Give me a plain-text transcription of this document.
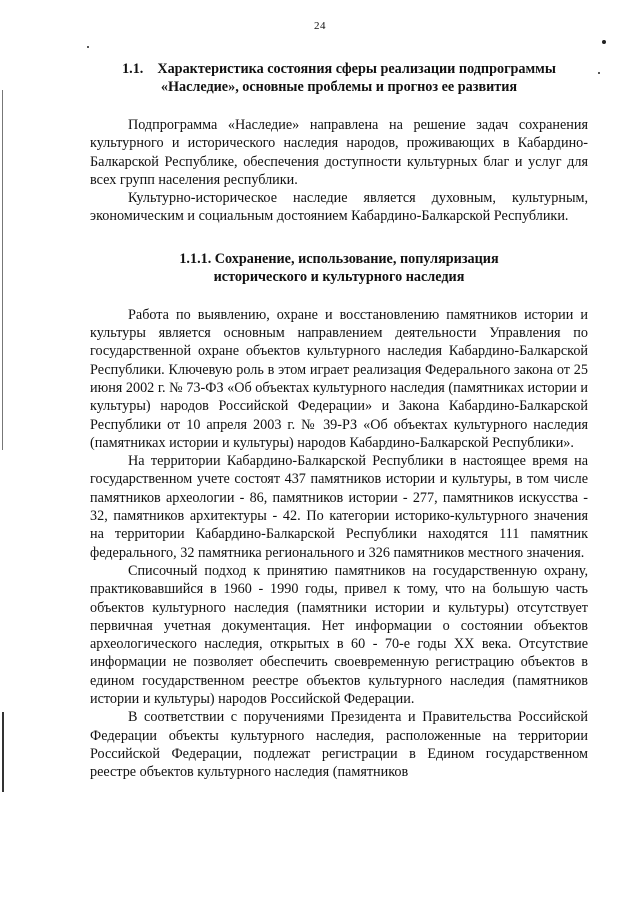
24
1.1. Характеристика состояния сферы реализации подпрограммы
«Наследие», основные проблемы и прогноз ее развития

Подпрограмма «Наследие» направлена на решение задач сохранения культурного и исторического наследия народов, проживающих в Кабардино-Балкарской Республике, обеспечения доступности культурных благ и услуг для всех групп населения республики.

Культурно-историческое наследие является духовным, культурным, экономическим и социальным достоянием Кабардино-Балкарской Республики.

1.1.1. Сохранение, использование, популяризация
исторического и культурного наследия

Работа по выявлению, охране и восстановлению памятников истории и культуры является основным направлением деятельности Управления по государственной охране объектов культурного наследия Кабардино-Балкарской Республики. Ключевую роль в этом играет реализация Федерального закона от 25 июня 2002 г. № 73-ФЗ «Об объектах культурного наследия (памятниках истории и культуры) народов Российской Федерации» и Закона Кабардино-Балкарской Республики от 10 апреля 2003 г. № 39-РЗ «Об объектах культурного наследия (памятниках истории и культуры) народов Кабардино-Балкарской Республики».

На территории Кабардино-Балкарской Республики в настоящее время на государственном учете состоят 437 памятников истории и культуры, в том числе памятников археологии - 86, памятников истории - 277, памятников искусства - 32, памятников архитектуры - 42. По категории историко-культурного значения на территории Кабардино-Балкарской Республики находятся 111 памятник федерального, 32 памятника регионального и 326 памятников местного значения.

Списочный подход к принятию памятников на государственную охрану, практиковавшийся в 1960 - 1990 годы, привел к тому, что на большую часть объектов культурного наследия (памятники истории и культуры) отсутствует первичная учетная документация. Нет информации о состоянии объектов археологического наследия, открытых в 60 - 70-е годы XX века. Отсутствие информации не позволяет обеспечить своевременную регистрацию объектов в едином государственном реестре объектов культурного наследия (памятников истории и культуры) народов Российской Федерации.

В соответствии с поручениями Президента и Правительства Российской Федерации объекты культурного наследия, расположенные на территории Российской Федерации, подлежат регистрации в Едином государственном реестре объектов культурного наследия (памятников
